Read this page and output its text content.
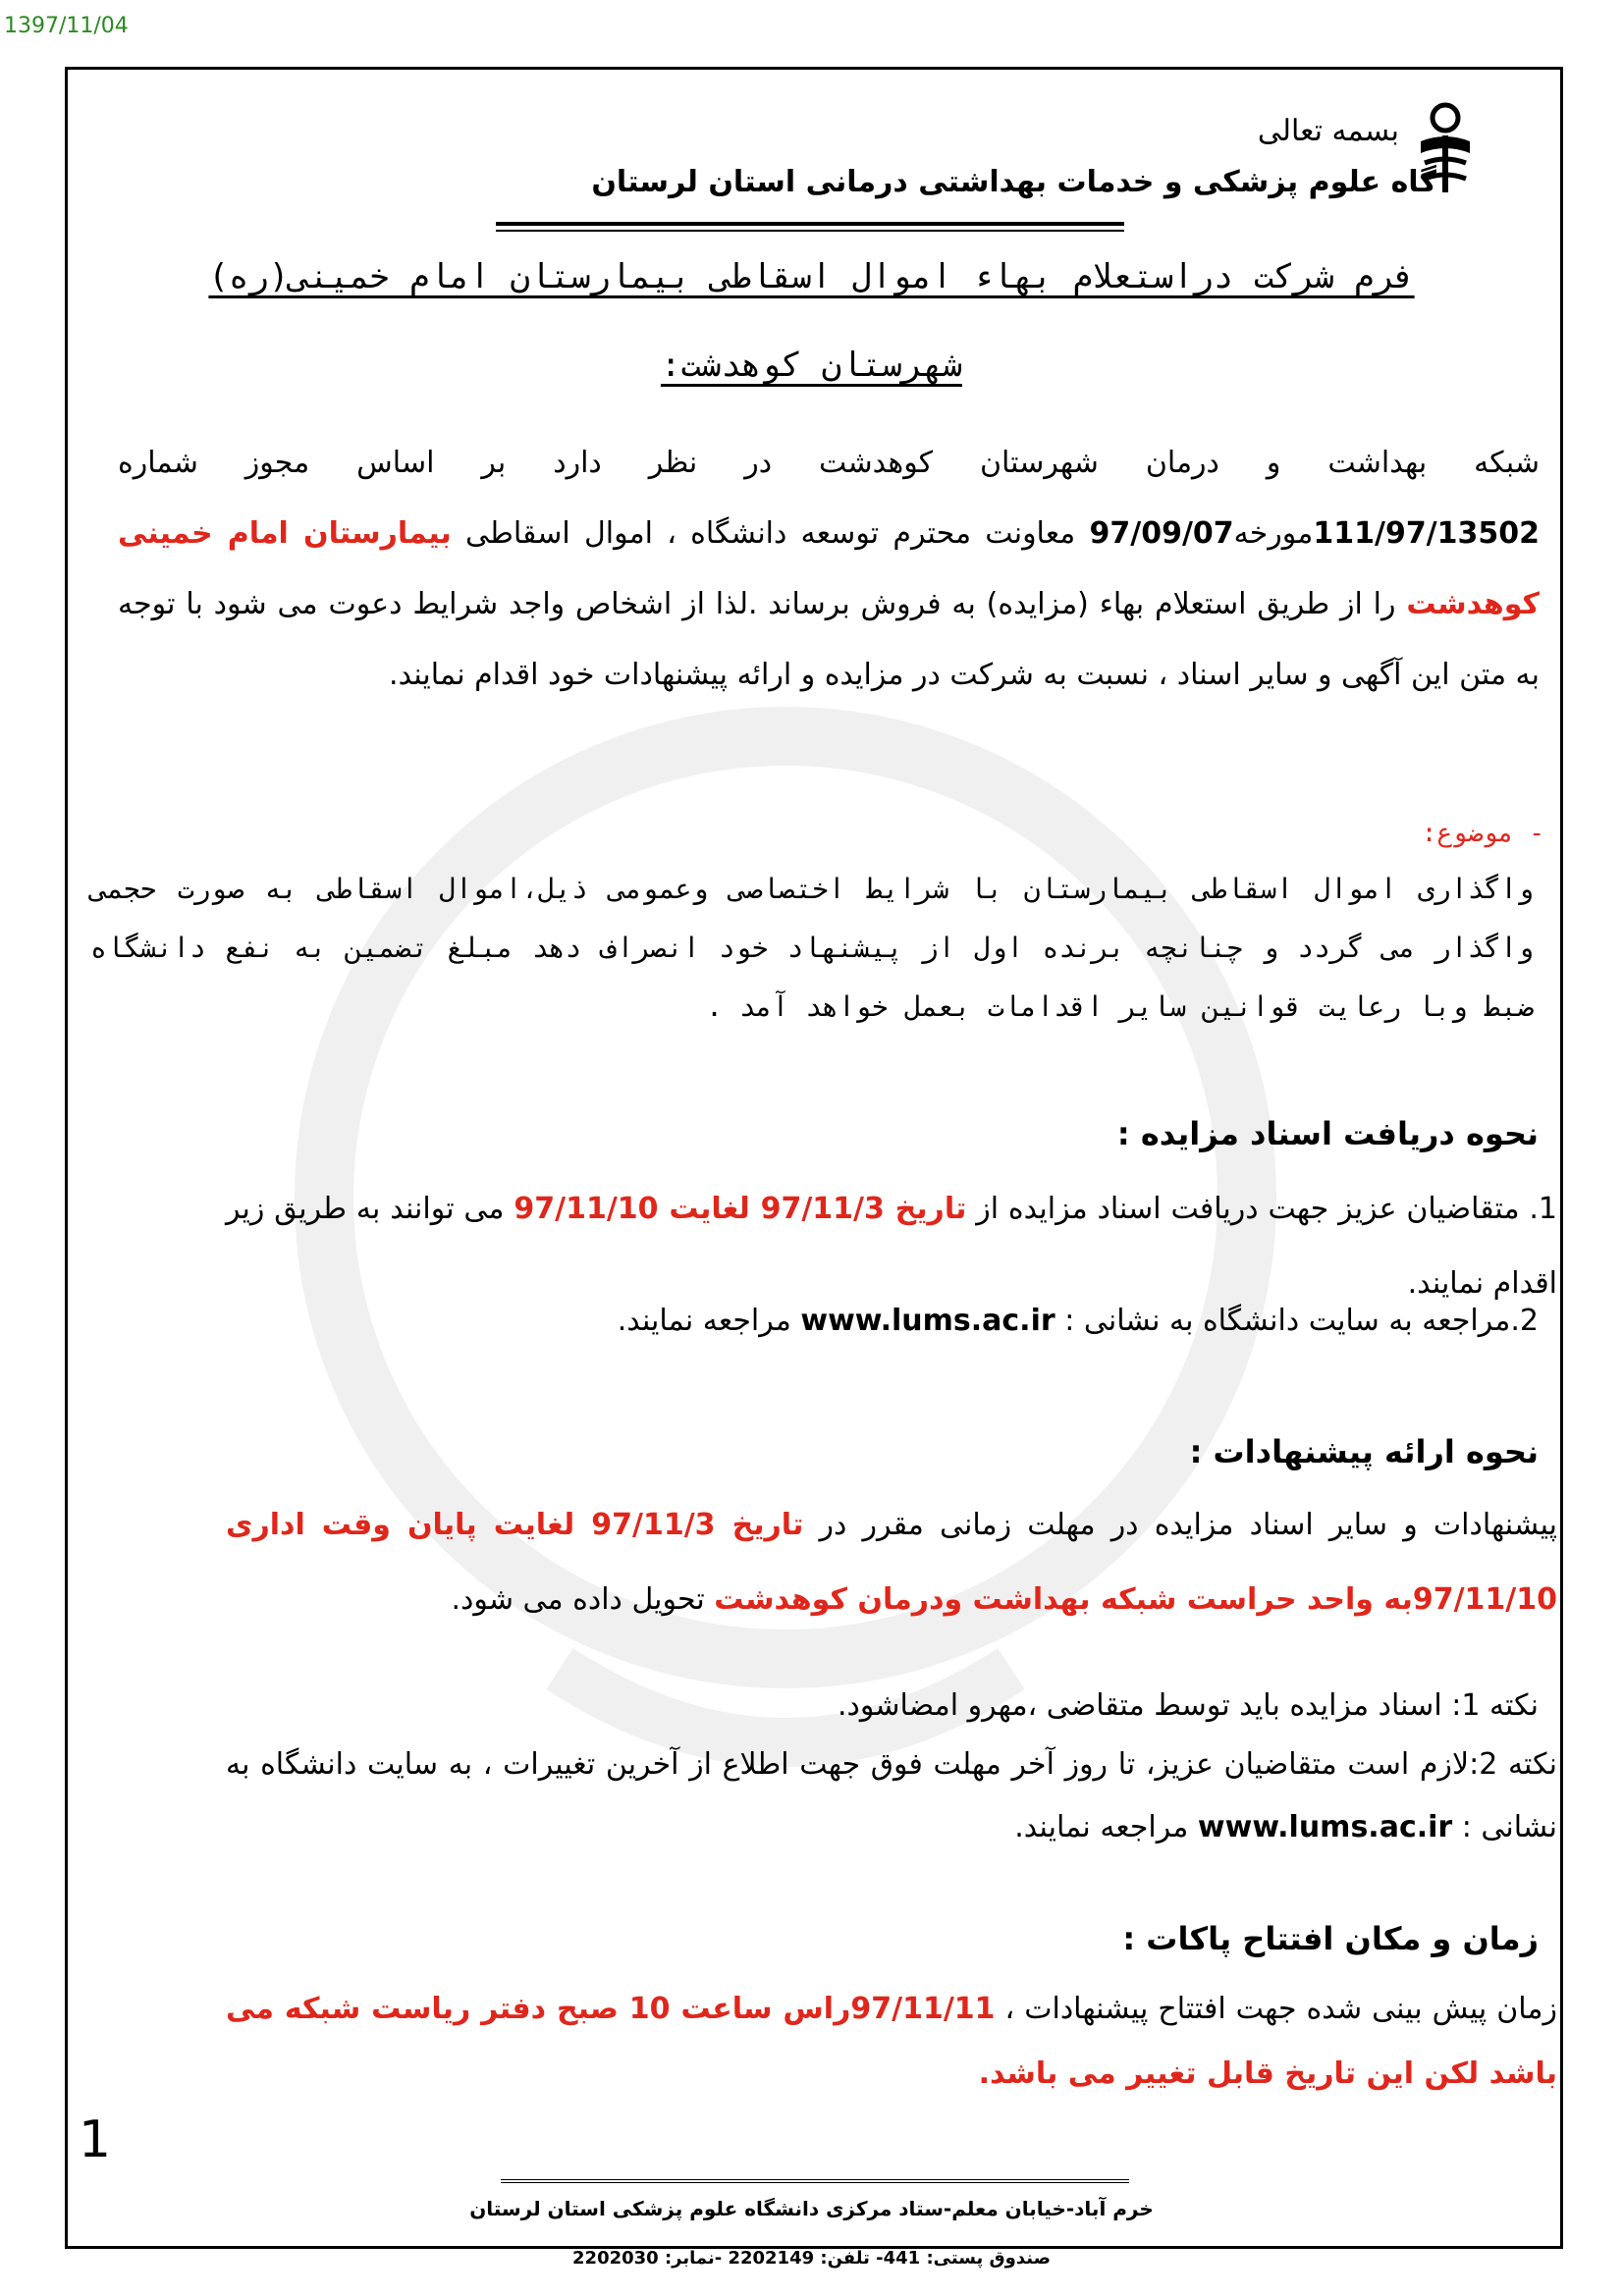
1397/11/04
بسمه تعالی
گاه علوم پزشکی و خدمات بهداشتی درمانی استان لرستان
فرم شرکت دراستعلام بهاء اموال اسقاطی بیمارستان امام خمینی(ره)
شهرستان کوهدشت:
شبکه بهداشت و درمان شهرستان کوهدشت در نظر دارد بر اساس مجوز شماره 111/97/13502مورخه97/09/07 معاونت محترم توسعه دانشگاه ، اموال اسقاطی بیمارستان امام خمینی کوهدشت را از طریق استعلام بهاء (مزایده) به فروش برساند .لذا از اشخاص واجد شرایط دعوت می شود با توجه به متن این آگهی و سایر اسناد ، نسبت به شرکت در مزایده و ارائه پیشنهادات خود اقدام نمایند.
- موضوع:
واگذاری اموال اسقاطی بیمارستان با شرایط اختصاصی وعمومی ذیل،اموال اسقاطی به صورت حجمی واگذار می گردد و چنانچه برنده اول از پیشنهاد خود انصراف دهد مبلغ تضمین به نفع دانشگاه ضبط وبا رعایت قوانین سایر اقدامات بعمل خواهد آمد .
نحوه دریافت اسناد مزایده :
1. متقاضیان عزیز جهت دریافت اسناد مزایده از تاریخ 97/11/3 لغایت 97/11/10 می توانند به طریق زیر اقدام نمایند.
2.مراجعه به سایت دانشگاه به نشانی : www.lums.ac.ir مراجعه نمایند.
نحوه ارائه پیشنهادات :
پیشنهادات و سایر اسناد مزایده در مهلت زمانی مقرر در تاریخ 97/11/3 لغایت پایان وقت اداری 97/11/10به واحد حراست شبکه بهداشت ودرمان کوهدشت تحویل داده می شود.
نکته 1: اسناد مزایده باید توسط متقاضی ،مهرو امضاشود.
نکته 2:لازم است متقاضیان عزیز، تا روز آخر مهلت فوق جهت اطلاع از آخرین تغییرات ، به سایت دانشگاه به نشانی : www.lums.ac.ir مراجعه نمایند.
زمان و مکان افتتاح پاکات :
زمان پیش بینی شده جهت افتتاح پیشنهادات ، 97/11/11راس ساعت 10 صبح دفتر ریاست شبکه می باشد لکن این تاریخ قابل تغییر می باشد.
1
خرم آباد-خیابان معلم-ستاد مرکزی دانشگاه علوم پزشکی استان لرستان
صندوق پستی: 441- تلفن: 2202149 -نمابر: 2202030
